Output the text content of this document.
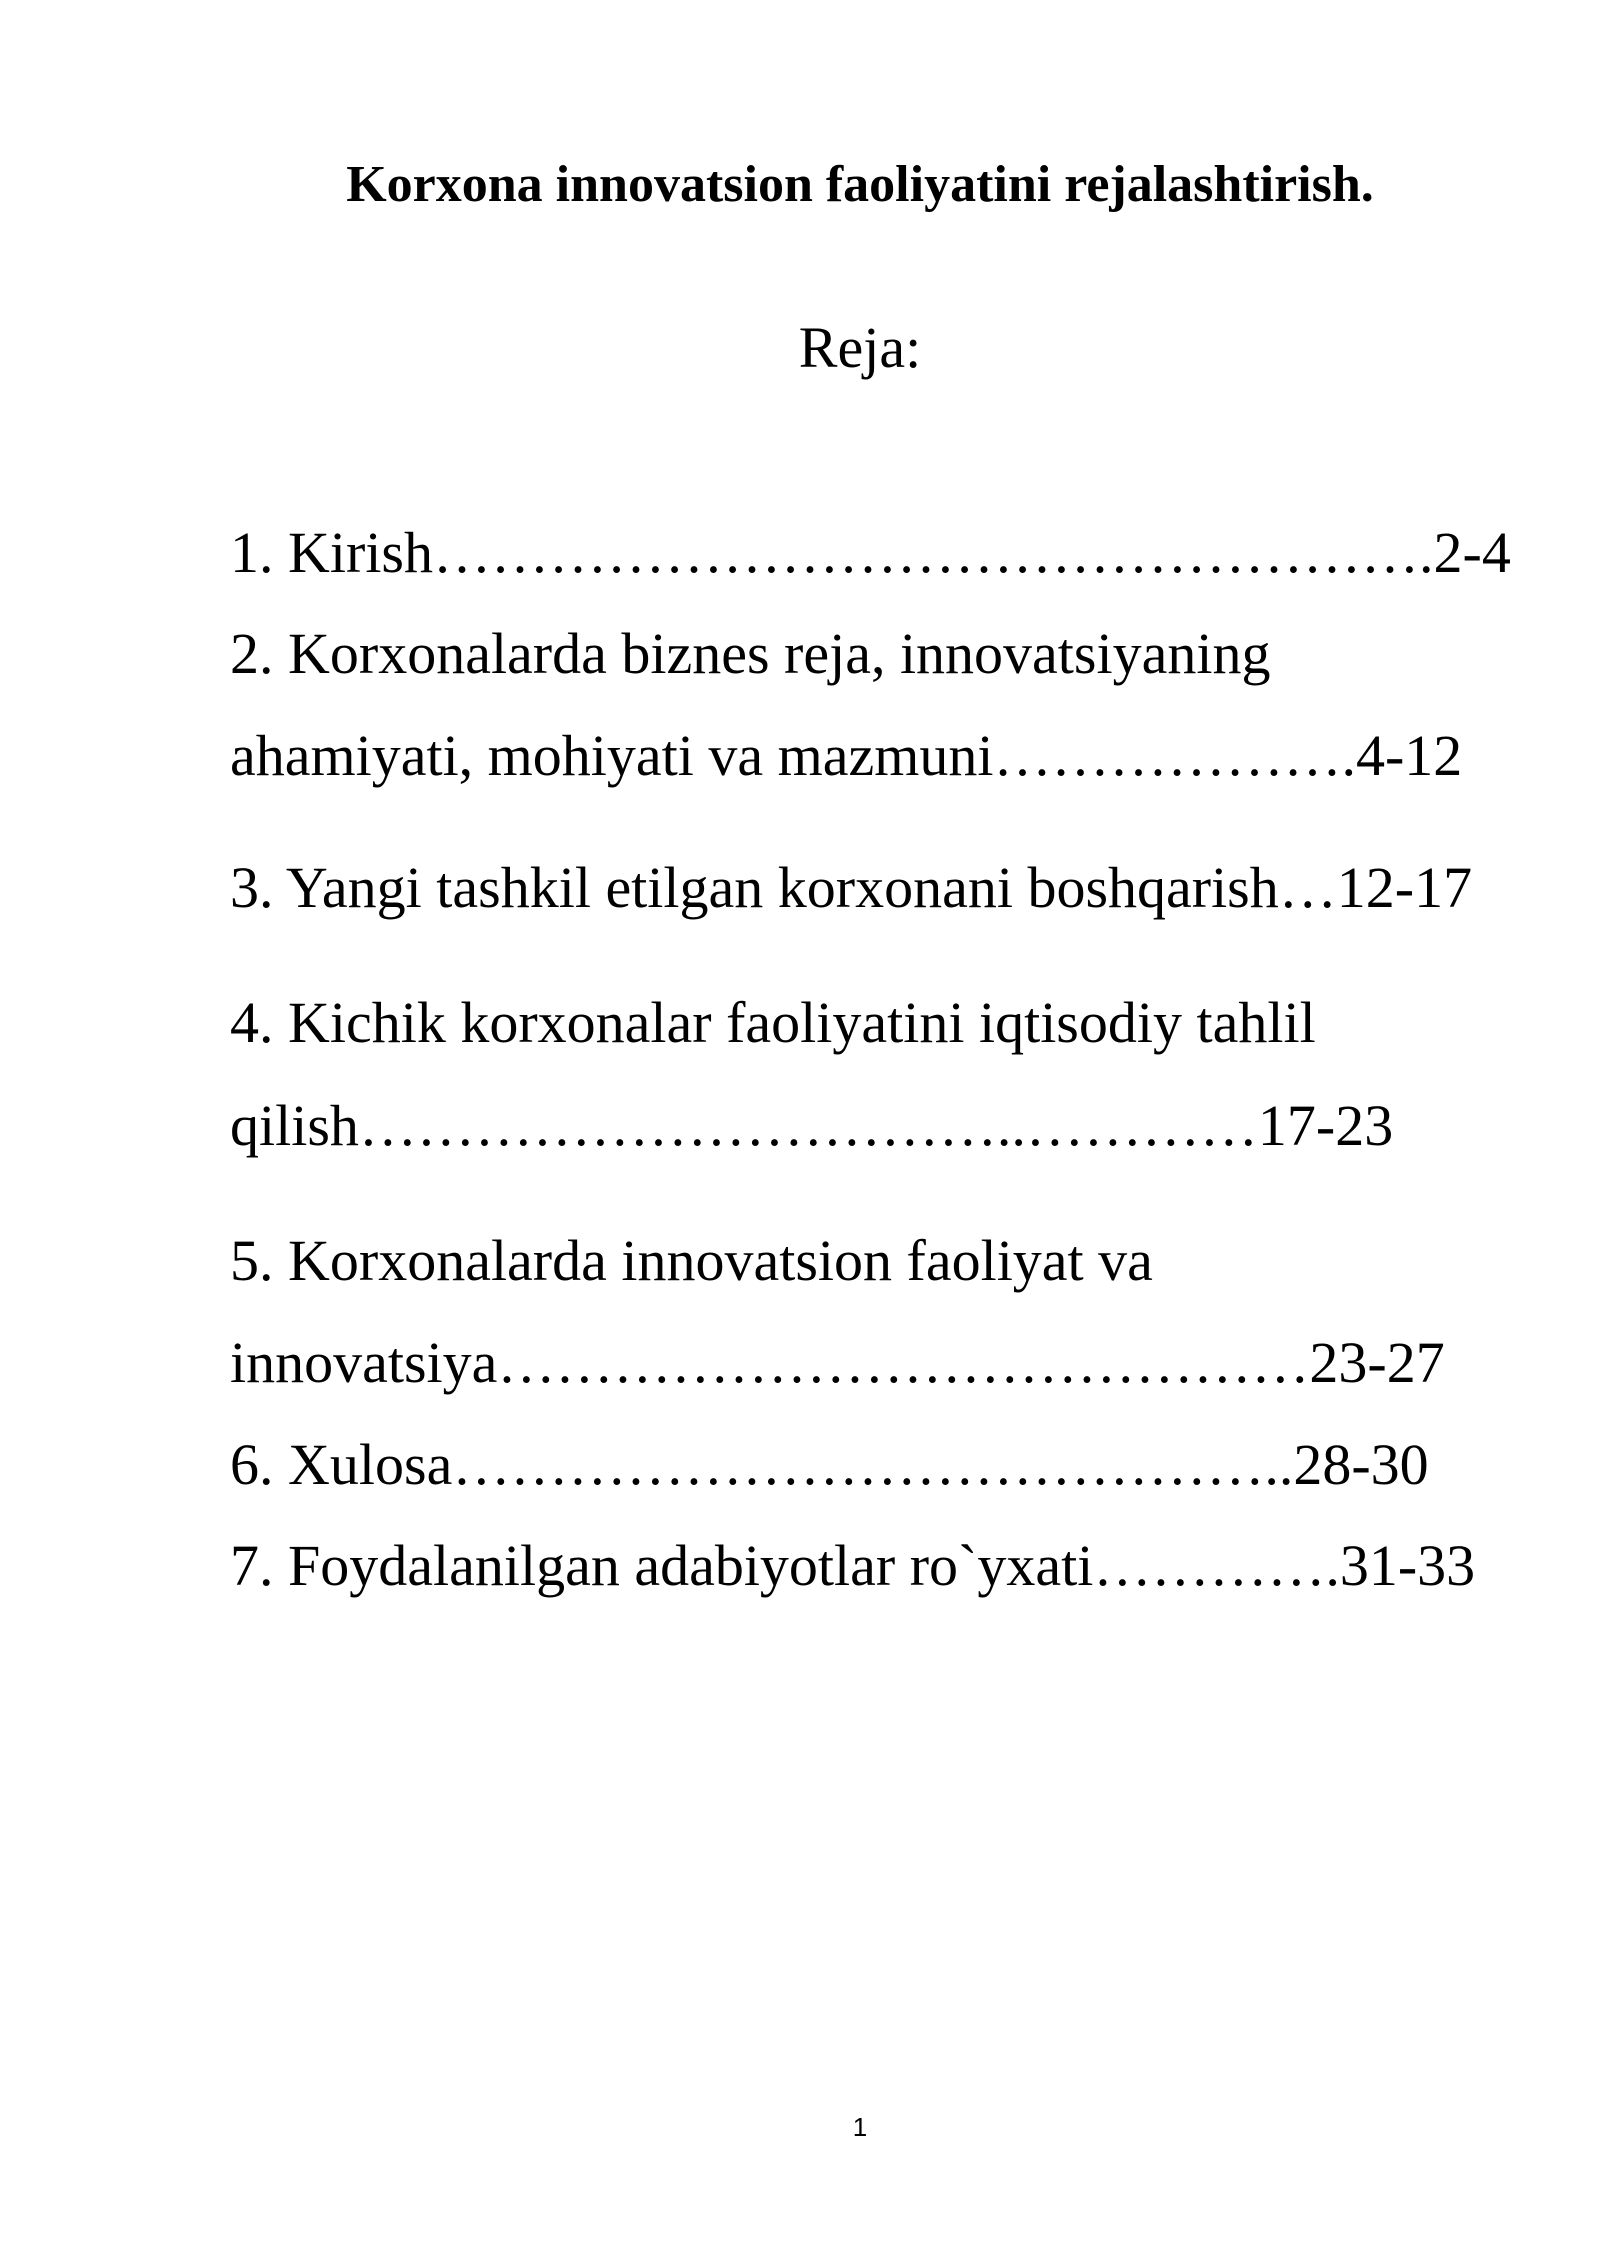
Korxona innovatsion faoliyatini rejalashtirish.
Reja:
1. Kirish…………………………………………….2-4
2. Korxonalarda biznes reja, innovatsiyaning
ahamiyati, mohiyati va mazmuni……………….4-12
3. Yangi tashkil etilgan korxonani boshqarish…12-17
4. Kichik korxonalar faoliyatini iqtisodiy tahlil
qilish……………………………..…………17-23
5. Korxonalarda innovatsion faoliyat va
innovatsiya……………………………………23-27
6. Xulosa……………………………………..28-30
7. Foydalanilgan adabiyotlar ro`yxati………….31-33
1
